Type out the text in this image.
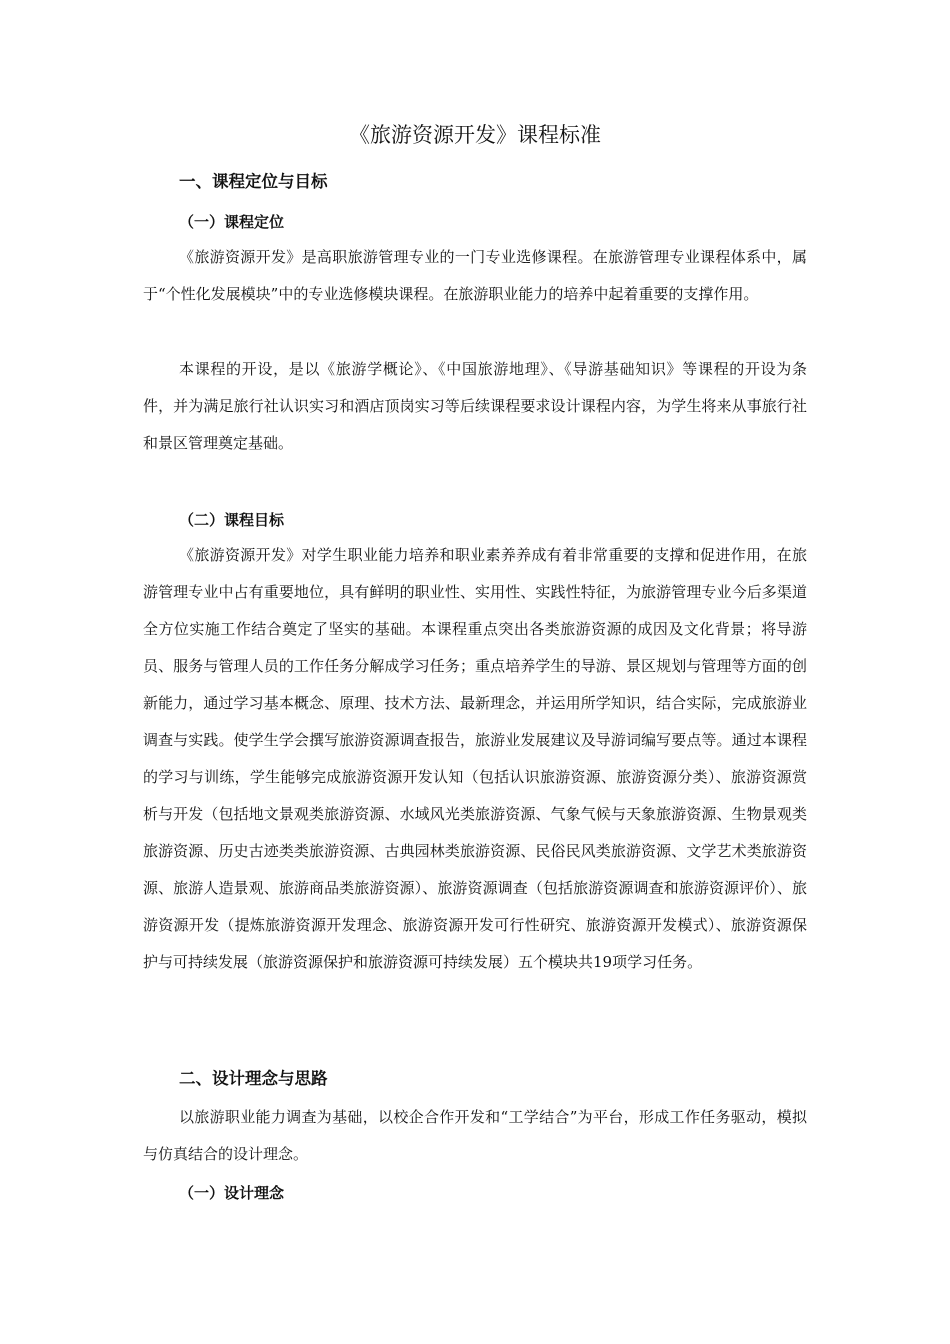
《旅游资源开发》课程标准
一、课程定位与目标
（一）课程定位

《旅游资源开发》是高职旅游管理专业的一门专业选修课程。在旅游管理专业课程体系中，属于“个性化发展模块”中的专业选修模块课程。在旅游职业能力的培养中起着重要的支撑作用。

本课程的开设，是以《旅游学概论》、《中国旅游地理》、《导游基础知识》等课程的开设为条件，并为满足旅行社认识实习和酒店顶岗实习等后续课程要求设计课程内容，为学生将来从事旅行社和景区管理奠定基础。

（二）课程目标

《旅游资源开发》对学生职业能力培养和职业素养养成有着非常重要的支撑和促进作用，在旅游管理专业中占有重要地位，具有鲜明的职业性、实用性、实践性特征，为旅游管理专业今后多渠道全方位实施工作结合奠定了坚实的基础。本课程重点突出各类旅游资源的成因及文化背景；将导游员、服务与管理人员的工作任务分解成学习任务；重点培养学生的导游、景区规划与管理等方面的创新能力，通过学习基本概念、原理、技术方法、最新理念，并运用所学知识，结合实际，完成旅游业调查与实践。使学生学会撰写旅游资源调查报告，旅游业发展建议及导游词编写要点等。通过本课程的学习与训练，学生能够完成旅游资源开发认知（包括认识旅游资源、旅游资源分类）、旅游资源赏析与开发（包括地文景观类旅游资源、水域风光类旅游资源、气象气候与天象旅游资源、生物景观类旅游资源、历史古迹类类旅游资源、古典园林类旅游资源、民俗民风类旅游资源、文学艺术类旅游资源、旅游人造景观、旅游商品类旅游资源）、旅游资源调查（包括旅游资源调查和旅游资源评价）、旅游资源开发（提炼旅游资源开发理念、旅游资源开发可行性研究、旅游资源开发模式）、旅游资源保护与可持续发展（旅游资源保护和旅游资源可持续发展）五个模块共19项学习任务。

二、设计理念与思路

以旅游职业能力调查为基础，以校企合作开发和“工学结合”为平台，形成工作任务驱动，模拟与仿真结合的设计理念。

（一）设计理念
